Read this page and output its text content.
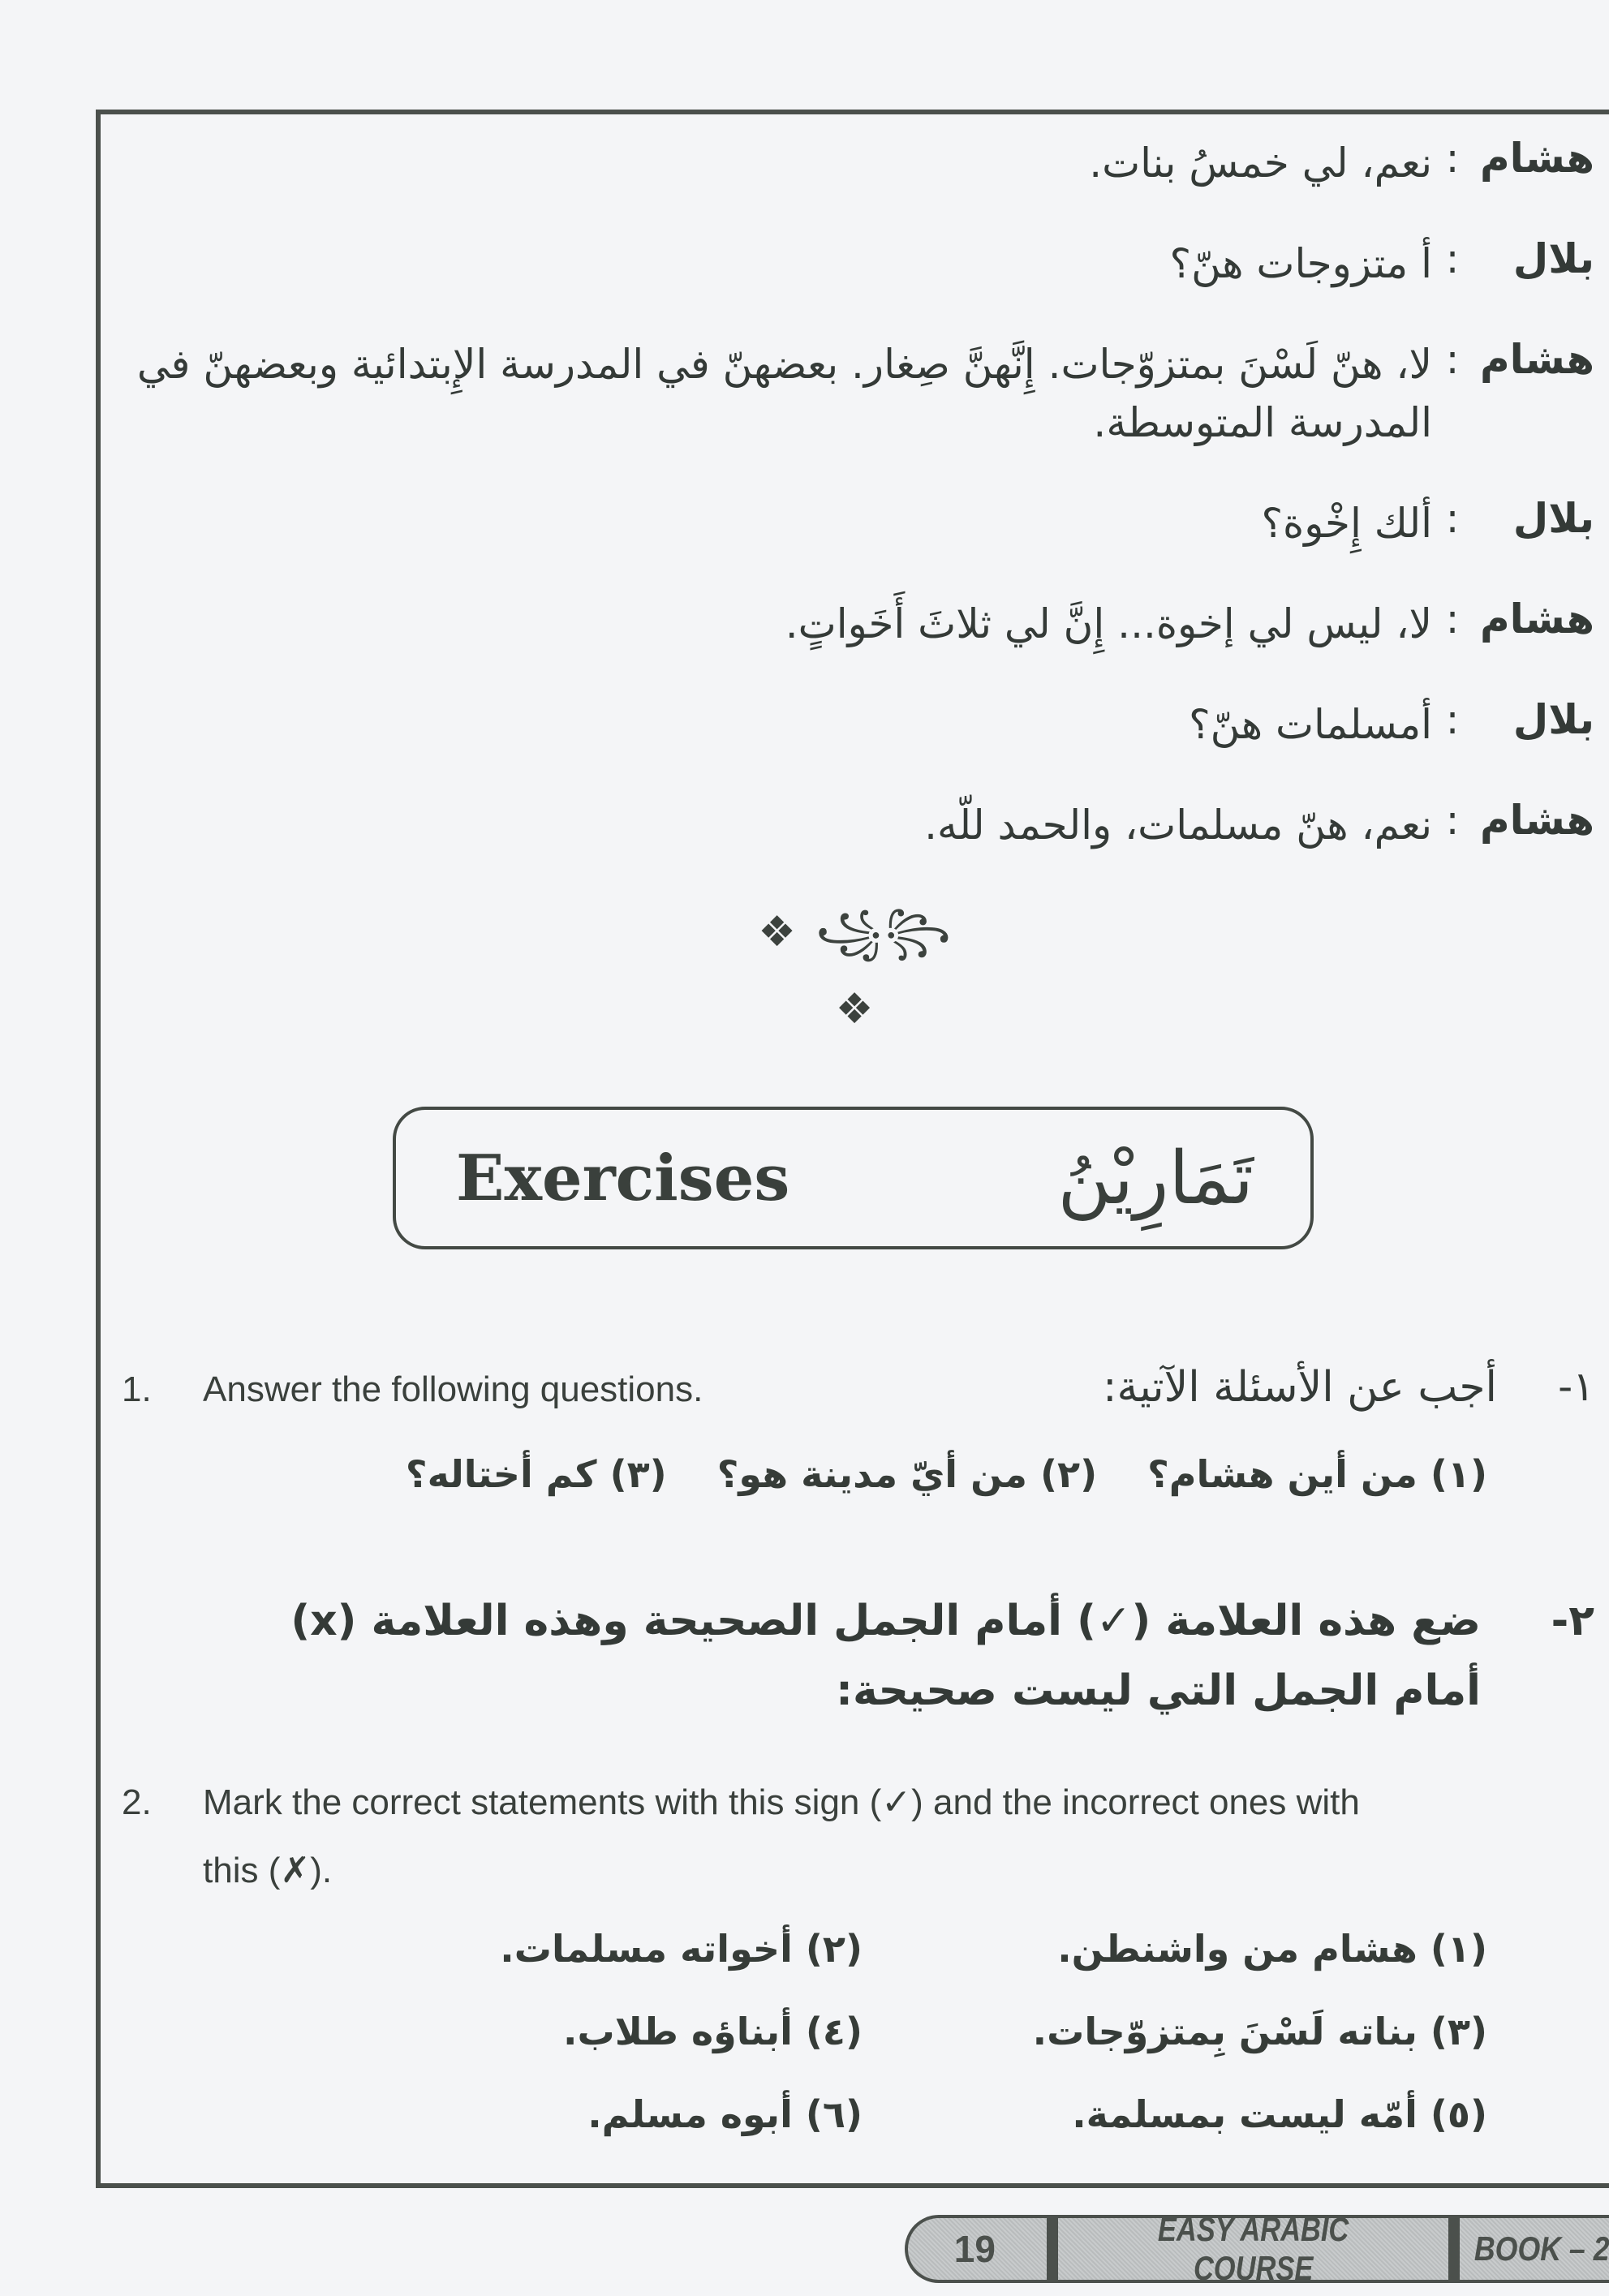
هشام
:
نعم، لي خمسُ بنات.
بلال
:
أ متزوجات هنّ؟
هشام
:
لا، هنّ لَسْنَ بمتزوّجات. إِنَّهنَّ صِغار. بعضهنّ في المدرسة الإِبتدائية وبعضهنّ في المدرسة المتوسطة.
بلال
:
ألك إِخْوة؟
هشام
:
لا، ليس لي إخوة... إِنَّ لي ثلاثَ أَخَواتٍ.
بلال
:
أمسلمات هنّ؟
هشام
:
نعم، هنّ مسلمات، والحمد للّه.
❖ ꧁꧂ ❖
Exercises	تَمَارِيْنُ
1. Answer the following questions.	١-
أجب عن الأسئلة الآتية:
(١) من أين هشام؟
(٢) من أيّ مدينة هو؟
(٣) كم أختاله؟
٢-
ضع هذه العلامة (✓) أمام الجمل الصحيحة وهذه العلامة (x)
أمام الجمل التي ليست صحيحة:
2.	Mark the correct statements with this sign (✓) and the incorrect ones with
this (✗).
(١) هشام من واشنطن.
(٢) أخواته مسلمات.
(٣) بناته لَسْنَ بِمتزوّجات.
(٤) أبناؤه طلاب.
(٥) أمّه ليست بمسلمة.
(٦) أبوه مسلم.
19	EASY ARABIC COURSE
BOOK – 2
